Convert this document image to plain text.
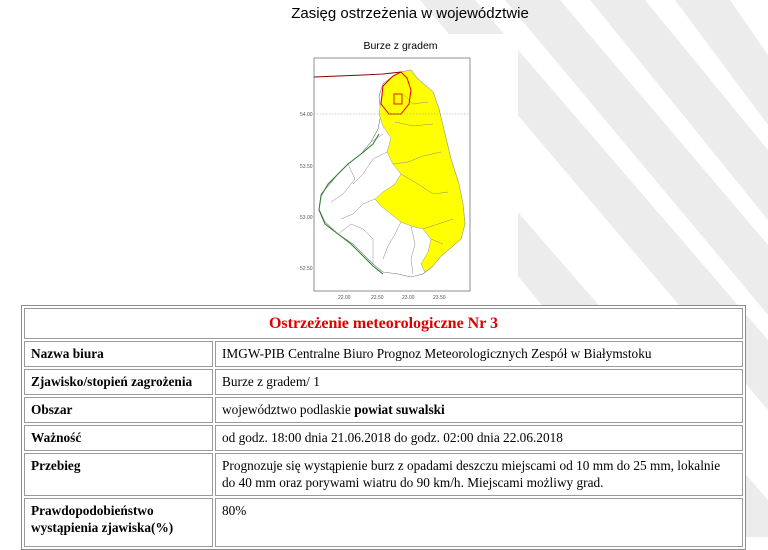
Zasięg ostrzeżenia w województwie
Burze z gradem
54.00
53.50
53.00
52.50
22.00	22.50	23.00	23.50
Ostrzeżenie meteorologiczne Nr 3	
Nazwa biura	IMGW-PIB Centralne Biuro Prognoz Meteorologicznych Zespół w Białymstoku
Zjawisko/stopień zagrożenia	Burze z gradem/ 1
Obszar	województwo podlaskie powiat suwalski
Ważność	od godz. 18:00 dnia 21.06.2018 do godz. 02:00 dnia 22.06.2018
Przebieg	Prognozuje się wystąpienie burz z opadami deszczu miejscami od 10 mm do 25 mm, lokalnie do 40 mm oraz porywami wiatru do 90 km/h. Miejscami możliwy grad.
Prawdopodobieństwo wystąpienia zjawiska(%)	80%
